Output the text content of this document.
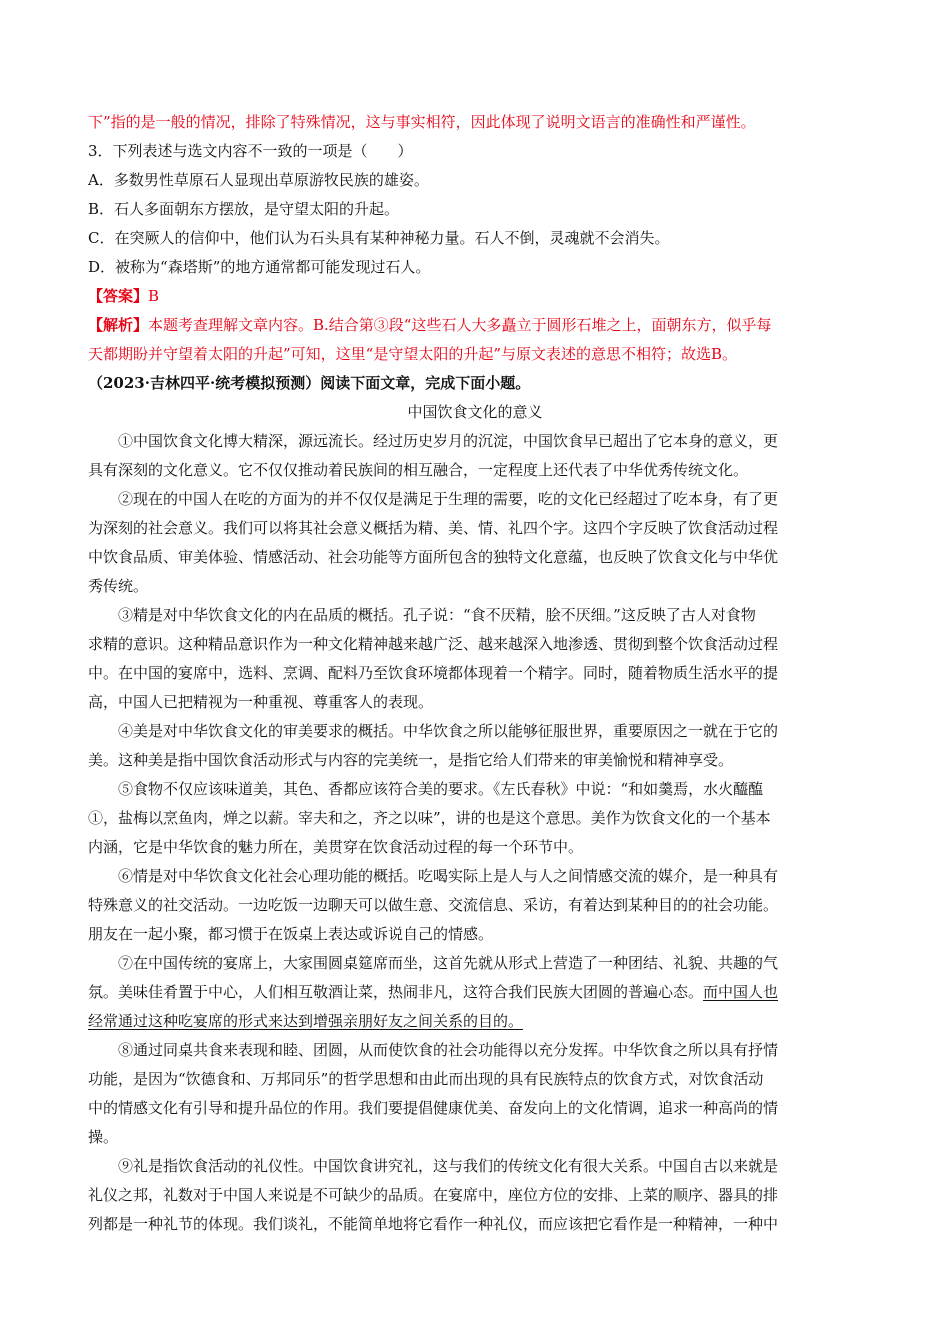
下”指的是一般的情况，排除了特殊情况，这与事实相符，因此体现了说明文语言的准确性和严谨性。

3．下列表述与选文内容不一致的一项是（　　）

A．多数男性草原石人显现出草原游牧民族的雄姿。

B．石人多面朝东方摆放，是守望太阳的升起。

C．在突厥人的信仰中，他们认为石头具有某种神秘力量。石人不倒，灵魂就不会消失。

D．被称为“森塔斯”的地方通常都可能发现过石人。

【答案】B

【解析】本题考查理解文章内容。B.结合第③段“这些石人大多矗立于圆形石堆之上，面朝东方，似乎每

天都期盼并守望着太阳的升起”可知，这里“是守望太阳的升起”与原文表述的意思不相符；故选B。

（2023·吉林四平·统考模拟预测）阅读下面文章，完成下面小题。

中国饮食文化的意义

①中国饮食文化博大精深，源远流长。经过历史岁月的沉淀，中国饮食早已超出了它本身的意义，更

具有深刻的文化意义。它不仅仅推动着民族间的相互融合，一定程度上还代表了中华优秀传统文化。

②现在的中国人在吃的方面为的并不仅仅是满足于生理的需要，吃的文化已经超过了吃本身，有了更

为深刻的社会意义。我们可以将其社会意义概括为精、美、情、礼四个字。这四个字反映了饮食活动过程

中饮食品质、审美体验、情感活动、社会功能等方面所包含的独特文化意蕴，也反映了饮食文化与中华优

秀传统。

③精是对中华饮食文化的内在品质的概括。孔子说：“食不厌精，脍不厌细。”这反映了古人对食物

求精的意识。这种精品意识作为一种文化精神越来越广泛、越来越深入地渗透、贯彻到整个饮食活动过程

中。在中国的宴席中，选料、烹调、配料乃至饮食环境都体现着一个精字。同时，随着物质生活水平的提

高，中国人已把精视为一种重视、尊重客人的表现。

④美是对中华饮食文化的审美要求的概括。中华饮食之所以能够征服世界，重要原因之一就在于它的

美。这种美是指中国饮食活动形式与内容的完美统一，是指它给人们带来的审美愉悦和精神享受。

⑤食物不仅应该味道美，其色、香都应该符合美的要求。《左氏春秋》中说：“和如羹焉，水火醯醢

①，盐梅以烹鱼肉，𬊤之以薪。宰夫和之，齐之以味”，讲的也是这个意思。美作为饮食文化的一个基本

内涵，它是中华饮食的魅力所在，美贯穿在饮食活动过程的每一个环节中。

⑥情是对中华饮食文化社会心理功能的概括。吃喝实际上是人与人之间情感交流的媒介，是一种具有

特殊意义的社交活动。一边吃饭一边聊天可以做生意、交流信息、采访，有着达到某种目的的社会功能。

朋友在一起小聚，都习惯于在饭桌上表达或诉说自己的情感。

⑦在中国传统的宴席上，大家围圆桌筵席而坐，这首先就从形式上营造了一种团结、礼貌、共趣的气

氛。美味佳肴置于中心，人们相互敬酒让菜，热闹非凡，这符合我们民族大团圆的普遍心态。而中国人也

经常通过这种吃宴席的形式来达到增强亲朋好友之间关系的目的。

⑧通过同桌共食来表现和睦、团圆，从而使饮食的社会功能得以充分发挥。中华饮食之所以具有抒情

功能，是因为“饮德食和、万邦同乐”的哲学思想和由此而出现的具有民族特点的饮食方式，对饮食活动

中的情感文化有引导和提升品位的作用。我们要提倡健康优美、奋发向上的文化情调，追求一种高尚的情

操。

⑨礼是指饮食活动的礼仪性。中国饮食讲究礼，这与我们的传统文化有很大关系。中国自古以来就是

礼仪之邦，礼数对于中国人来说是不可缺少的品质。在宴席中，座位方位的安排、上菜的顺序、器具的排

列都是一种礼节的体现。我们谈礼，不能简单地将它看作一种礼仪，而应该把它看作是一种精神，一种中
